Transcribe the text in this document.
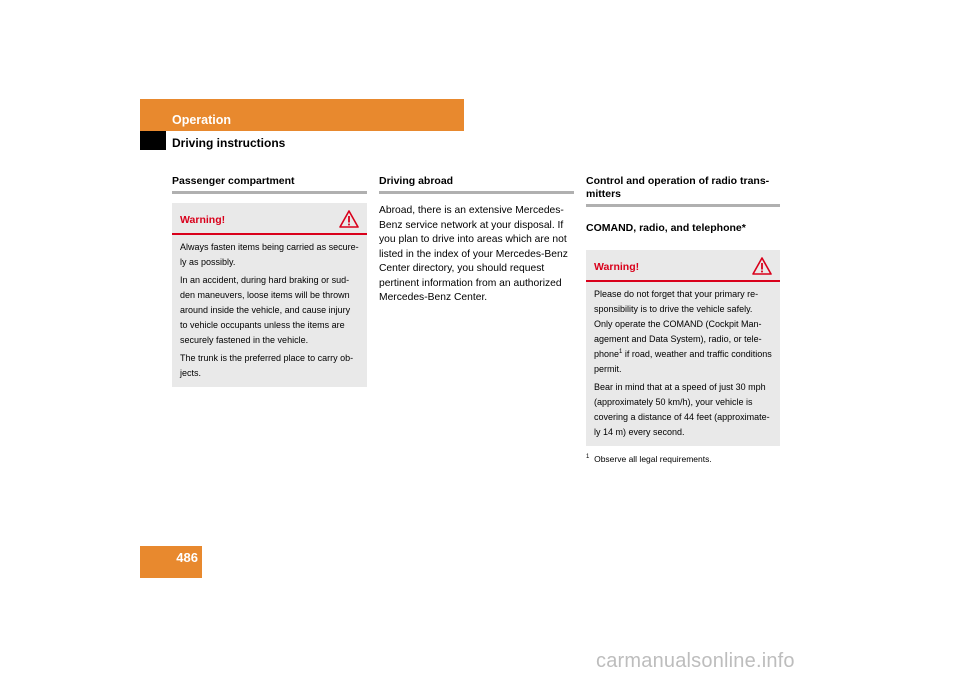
Operation
Driving instructions
Passenger compartment
Warning!

Always fasten items being carried as secure-ly as possibly.

In an accident, during hard braking or sud-den maneuvers, loose items will be thrown around inside the vehicle, and cause injury to vehicle occupants unless the items are securely fastened in the vehicle.

The trunk is the preferred place to carry ob-jects.

Driving abroad
Abroad, there is an extensive Mercedes-Benz service network at your disposal. If you plan to drive into areas which are not listed in the index of your Mercedes-Benz Center directory, you should request pertinent information from an authorized Mercedes-Benz Center.
Control and operation of radio trans-mitters
COMAND, radio, and telephone*
Warning!

Please do not forget that your primary re-sponsibility is to drive the vehicle safely. Only operate the COMAND (Cockpit Man-agement and Data System), radio, or tele-phone$^1$ if road, weather and traffic conditions permit.

Bear in mind that at a speed of just 30 mph (approximately 50 km/h), your vehicle is covering a distance of 44 feet (approximate-ly 14 m) every second.

$^1$ Observe all legal requirements.
486
carmanualsonline.info
